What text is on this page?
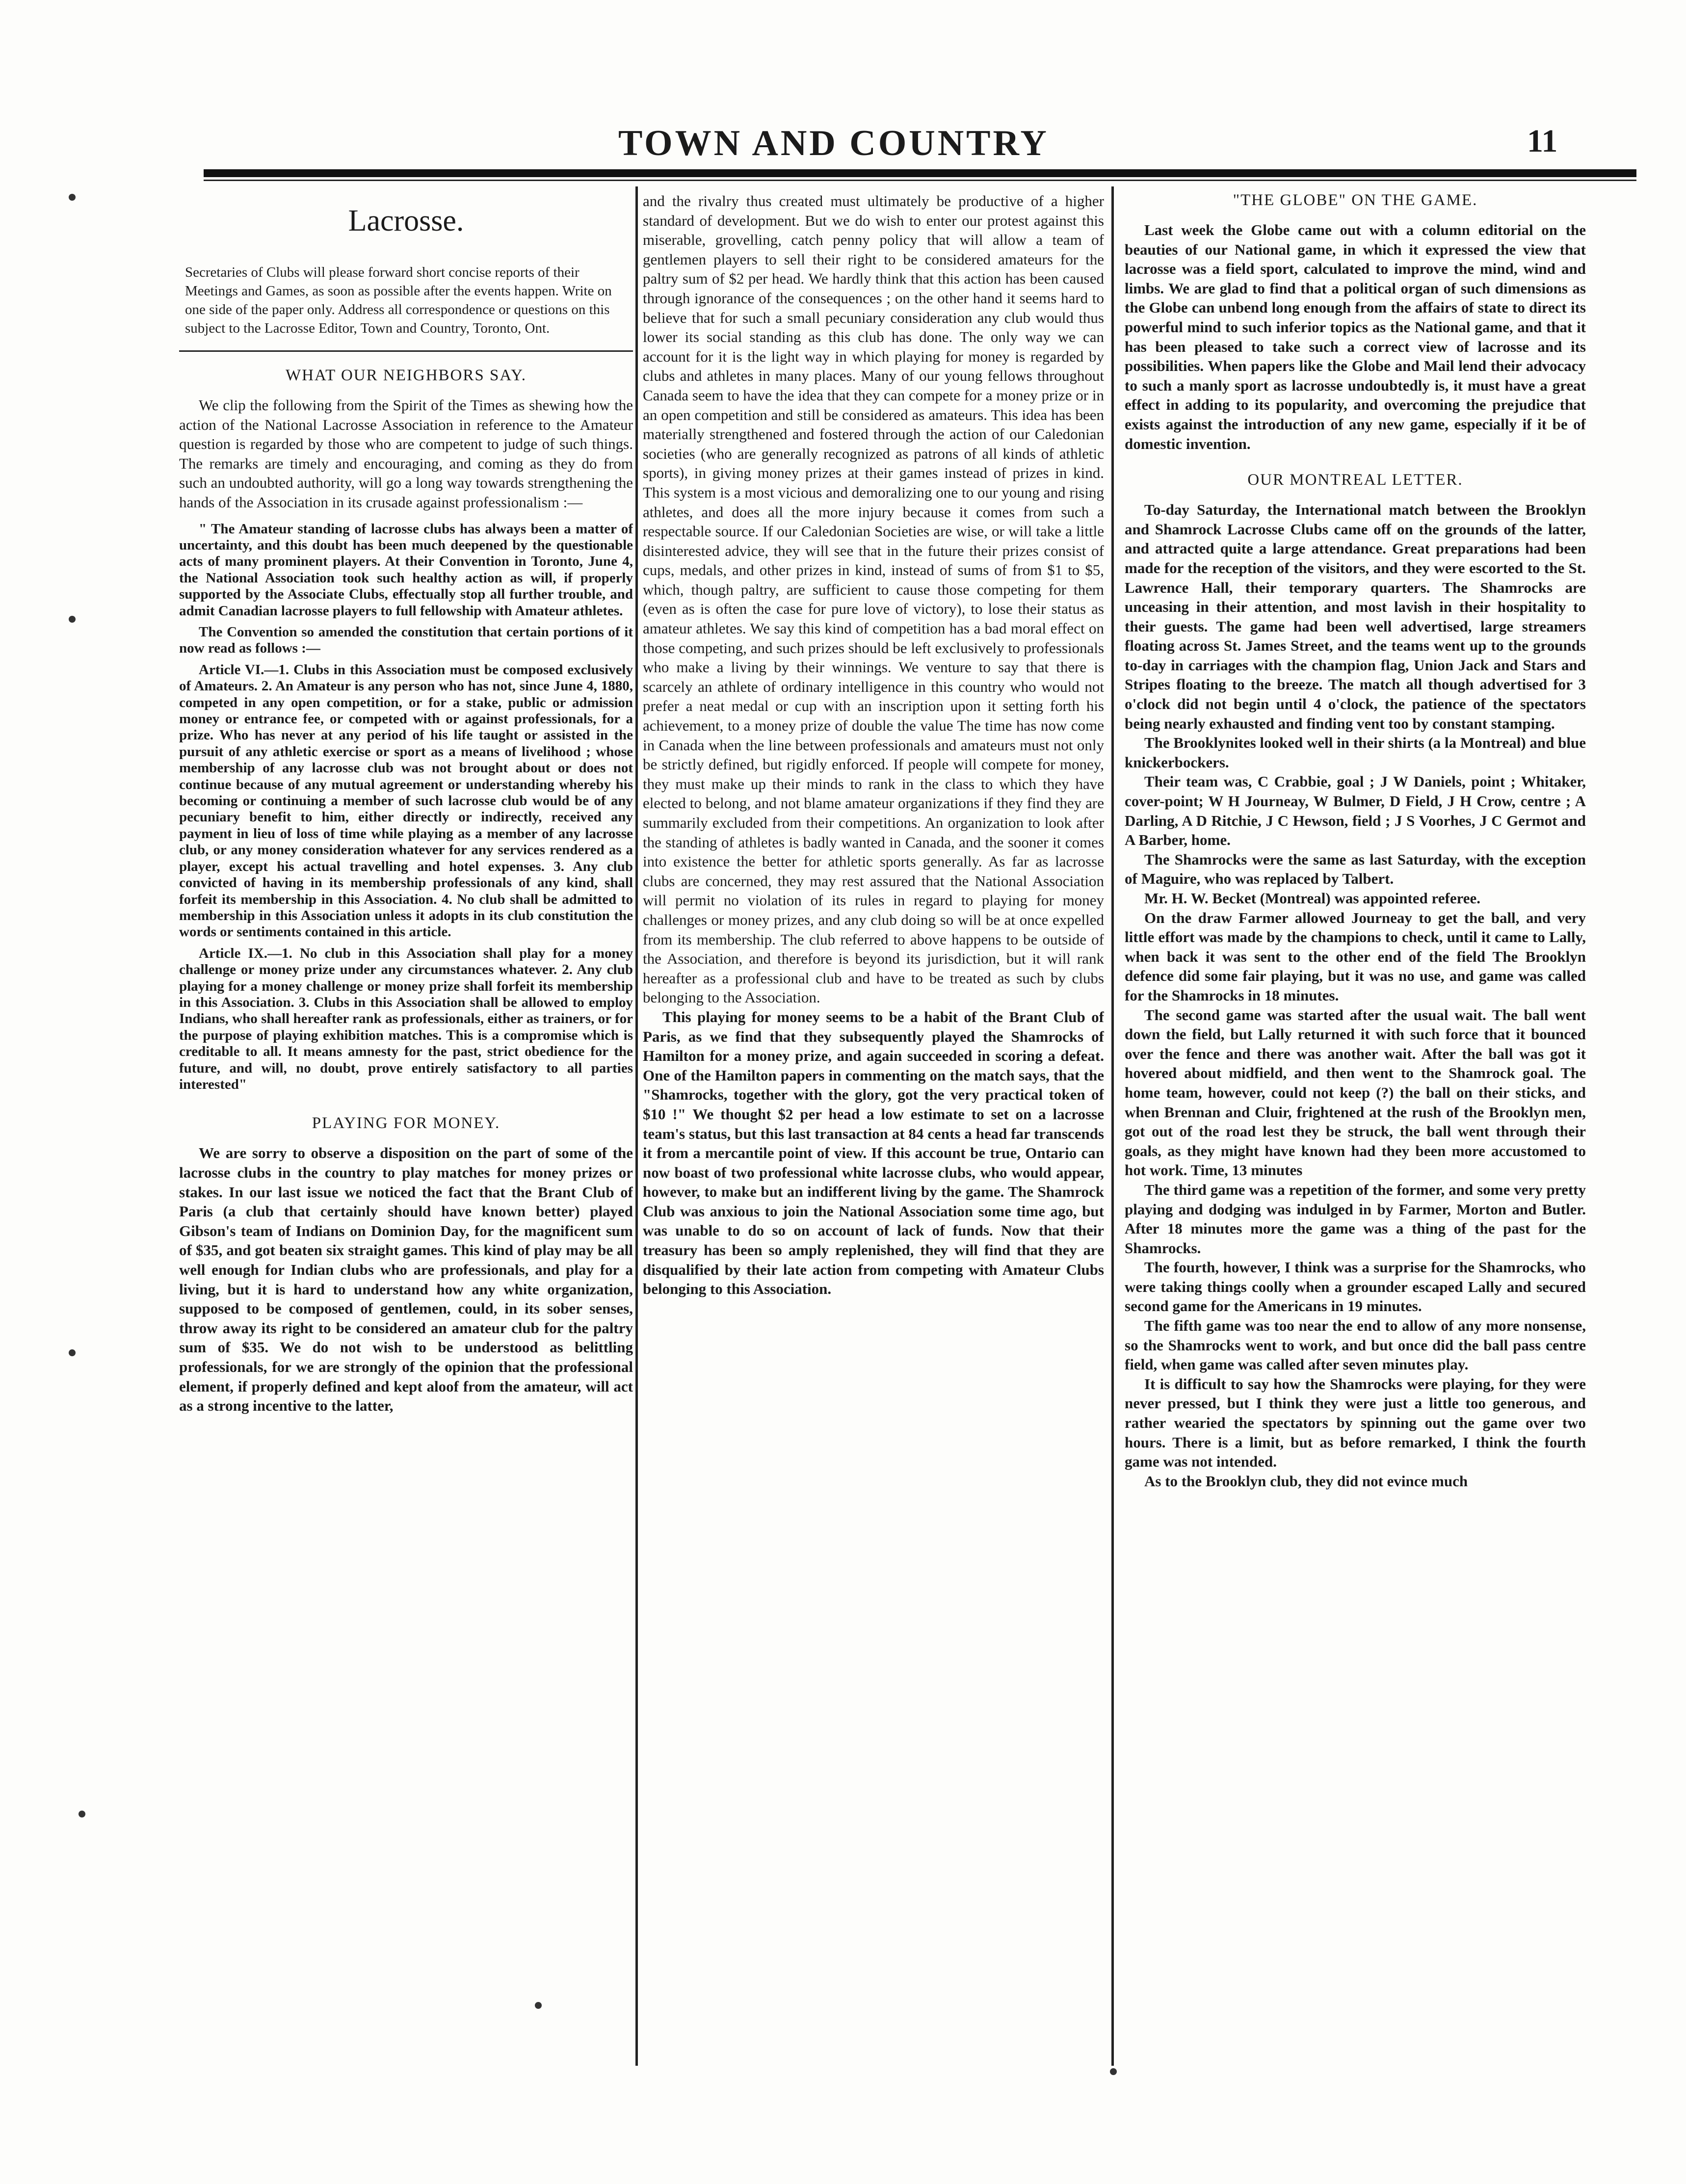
TOWN AND COUNTRY	11
Lacrosse.

Secretaries of Clubs will please forward short concise reports of their Meetings and Games, as soon as possible after the events happen. Write on one side of the paper only. Address all correspondence or questions on this subject to the Lacrosse Editor, Town and Country, Toronto, Ont.

WHAT OUR NEIGHBORS SAY.

We clip the following from the Spirit of the Times as shewing how the action of the National Lacrosse Association in reference to the Amateur question is regarded by those who are competent to judge of such things. The remarks are timely and encouraging, and coming as they do from such an undoubted authority, will go a long way towards strengthening the hands of the Association in its crusade against professionalism :—

" The Amateur standing of lacrosse clubs has always been a matter of uncertainty, and this doubt has been much deepened by the questionable acts of many prominent players. At their Convention in Toronto, June 4, the National Association took such healthy action as will, if properly supported by the Associate Clubs, effectually stop all further trouble, and admit Canadian lacrosse players to full fellowship with Amateur athletes.

The Convention so amended the constitution that certain portions of it now read as follows :—

Article VI.—1. Clubs in this Association must be composed exclusively of Amateurs. 2. An Amateur is any person who has not, since June 4, 1880, competed in any open competition, or for a stake, public or admission money or entrance fee, or competed with or against professionals, for a prize. Who has never at any period of his life taught or assisted in the pursuit of any athletic exercise or sport as a means of livelihood ; whose membership of any lacrosse club was not brought about or does not continue because of any mutual agreement or understanding whereby his becoming or continuing a member of such lacrosse club would be of any pecuniary benefit to him, either directly or indirectly, received any payment in lieu of loss of time while playing as a member of any lacrosse club, or any money consideration whatever for any services rendered as a player, except his actual travelling and hotel expenses. 3. Any club convicted of having in its membership professionals of any kind, shall forfeit its membership in this Association. 4. No club shall be admitted to membership in this Association unless it adopts in its club constitution the words or sentiments contained in this article.

Article IX.—1. No club in this Association shall play for a money challenge or money prize under any circumstances whatever. 2. Any club playing for a money challenge or money prize shall forfeit its membership in this Association. 3. Clubs in this Association shall be allowed to employ Indians, who shall hereafter rank as professionals, either as trainers, or for the purpose of playing exhibition matches. This is a compromise which is creditable to all. It means amnesty for the past, strict obedience for the future, and will, no doubt, prove entirely satisfactory to all parties interested"

PLAYING FOR MONEY.

We are sorry to observe a disposition on the part of some of the lacrosse clubs in the country to play matches for money prizes or stakes. In our last issue we noticed the fact that the Brant Club of Paris (a club that certainly should have known better) played Gibson's team of Indians on Dominion Day, for the magnificent sum of $35, and got beaten six straight games. This kind of play may be all well enough for Indian clubs who are professionals, and play for a living, but it is hard to understand how any white organization, supposed to be composed of gentlemen, could, in its sober senses, throw away its right to be considered an amateur club for the paltry sum of $35. We do not wish to be understood as belittling professionals, for we are strongly of the opinion that the professional element, if properly defined and kept aloof from the amateur, will act as a strong incentive to the latter,

and the rivalry thus created must ultimately be productive of a higher standard of development. But we do wish to enter our protest against this miserable, grovelling, catch penny policy that will allow a team of gentlemen players to sell their right to be considered amateurs for the paltry sum of $2 per head. We hardly think that this action has been caused through ignorance of the consequences ; on the other hand it seems hard to believe that for such a small pecuniary consideration any club would thus lower its social standing as this club has done. The only way we can account for it is the light way in which playing for money is regarded by clubs and athletes in many places. Many of our young fellows throughout Canada seem to have the idea that they can compete for a money prize or in an open competition and still be considered as amateurs. This idea has been materially strengthened and fostered through the action of our Caledonian societies (who are generally recognized as patrons of all kinds of athletic sports), in giving money prizes at their games instead of prizes in kind. This system is a most vicious and demoralizing one to our young and rising athletes, and does all the more injury because it comes from such a respectable source. If our Caledonian Societies are wise, or will take a little disinterested advice, they will see that in the future their prizes consist of cups, medals, and other prizes in kind, instead of sums of from $1 to $5, which, though paltry, are sufficient to cause those competing for them (even as is often the case for pure love of victory), to lose their status as amateur athletes. We say this kind of competition has a bad moral effect on those competing, and such prizes should be left exclusively to professionals who make a living by their winnings. We venture to say that there is scarcely an athlete of ordinary intelligence in this country who would not prefer a neat medal or cup with an inscription upon it setting forth his achievement, to a money prize of double the value The time has now come in Canada when the line between professionals and amateurs must not only be strictly defined, but rigidly enforced. If people will compete for money, they must make up their minds to rank in the class to which they have elected to belong, and not blame amateur organizations if they find they are summarily excluded from their competitions. An organization to look after the standing of athletes is badly wanted in Canada, and the sooner it comes into existence the better for athletic sports generally. As far as lacrosse clubs are concerned, they may rest assured that the National Association will permit no violation of its rules in regard to playing for money challenges or money prizes, and any club doing so will be at once expelled from its membership. The club referred to above happens to be outside of the Association, and therefore is beyond its jurisdiction, but it will rank hereafter as a professional club and have to be treated as such by clubs belonging to the Association.

This playing for money seems to be a habit of the Brant Club of Paris, as we find that they subsequently played the Shamrocks of Hamilton for a money prize, and again succeeded in scoring a defeat. One of the Hamilton papers in commenting on the match says, that the "Shamrocks, together with the glory, got the very practical token of $10 !" We thought $2 per head a low estimate to set on a lacrosse team's status, but this last transaction at 84 cents a head far transcends it from a mercantile point of view. If this account be true, Ontario can now boast of two professional white lacrosse clubs, who would appear, however, to make but an indifferent living by the game. The Shamrock Club was anxious to join the National Association some time ago, but was unable to do so on account of lack of funds. Now that their treasury has been so amply replenished, they will find that they are disqualified by their late action from competing with Amateur Clubs belonging to this Association.

"THE GLOBE" ON THE GAME.

Last week the Globe came out with a column editorial on the beauties of our National game, in which it expressed the view that lacrosse was a field sport, calculated to improve the mind, wind and limbs. We are glad to find that a political organ of such dimensions as the Globe can unbend long enough from the affairs of state to direct its powerful mind to such inferior topics as the National game, and that it has been pleased to take such a correct view of lacrosse and its possibilities. When papers like the Globe and Mail lend their advocacy to such a manly sport as lacrosse undoubtedly is, it must have a great effect in adding to its popularity, and overcoming the prejudice that exists against the introduction of any new game, especially if it be of domestic invention.

OUR MONTREAL LETTER.

To-day Saturday, the International match between the Brooklyn and Shamrock Lacrosse Clubs came off on the grounds of the latter, and attracted quite a large attendance. Great preparations had been made for the reception of the visitors, and they were escorted to the St. Lawrence Hall, their temporary quarters. The Shamrocks are unceasing in their attention, and most lavish in their hospitality to their guests. The game had been well advertised, large streamers floating across St. James Street, and the teams went up to the grounds to-day in carriages with the champion flag, Union Jack and Stars and Stripes floating to the breeze. The match all though advertised for 3 o'clock did not begin until 4 o'clock, the patience of the spectators being nearly exhausted and finding vent too by constant stamping.

The Brooklynites looked well in their shirts (a la Montreal) and blue knickerbockers.

Their team was, C Crabbie, goal ; J W Daniels, point ; Whitaker, cover-point; W H Journeay, W Bulmer, D Field, J H Crow, centre ; A Darling, A D Ritchie, J C Hewson, field ; J S Voorhes, J C Germot and A Barber, home.

The Shamrocks were the same as last Saturday, with the exception of Maguire, who was replaced by Talbert.

Mr. H. W. Becket (Montreal) was appointed referee.

On the draw Farmer allowed Journeay to get the ball, and very little effort was made by the champions to check, until it came to Lally, when back it was sent to the other end of the field The Brooklyn defence did some fair playing, but it was no use, and game was called for the Shamrocks in 18 minutes.

The second game was started after the usual wait. The ball went down the field, but Lally returned it with such force that it bounced over the fence and there was another wait. After the ball was got it hovered about midfield, and then went to the Shamrock goal. The home team, however, could not keep (?) the ball on their sticks, and when Brennan and Cluir, frightened at the rush of the Brooklyn men, got out of the road lest they be struck, the ball went through their goals, as they might have known had they been more accustomed to hot work. Time, 13 minutes

The third game was a repetition of the former, and some very pretty playing and dodging was indulged in by Farmer, Morton and Butler. After 18 minutes more the game was a thing of the past for the Shamrocks.

The fourth, however, I think was a surprise for the Shamrocks, who were taking things coolly when a grounder escaped Lally and secured second game for the Americans in 19 minutes.

The fifth game was too near the end to allow of any more nonsense, so the Shamrocks went to work, and but once did the ball pass centre field, when game was called after seven minutes play.

It is difficult to say how the Shamrocks were playing, for they were never pressed, but I think they were just a little too generous, and rather wearied the spectators by spinning out the game over two hours. There is a limit, but as before remarked, I think the fourth game was not intended.

As to the Brooklyn club, they did not evince much
